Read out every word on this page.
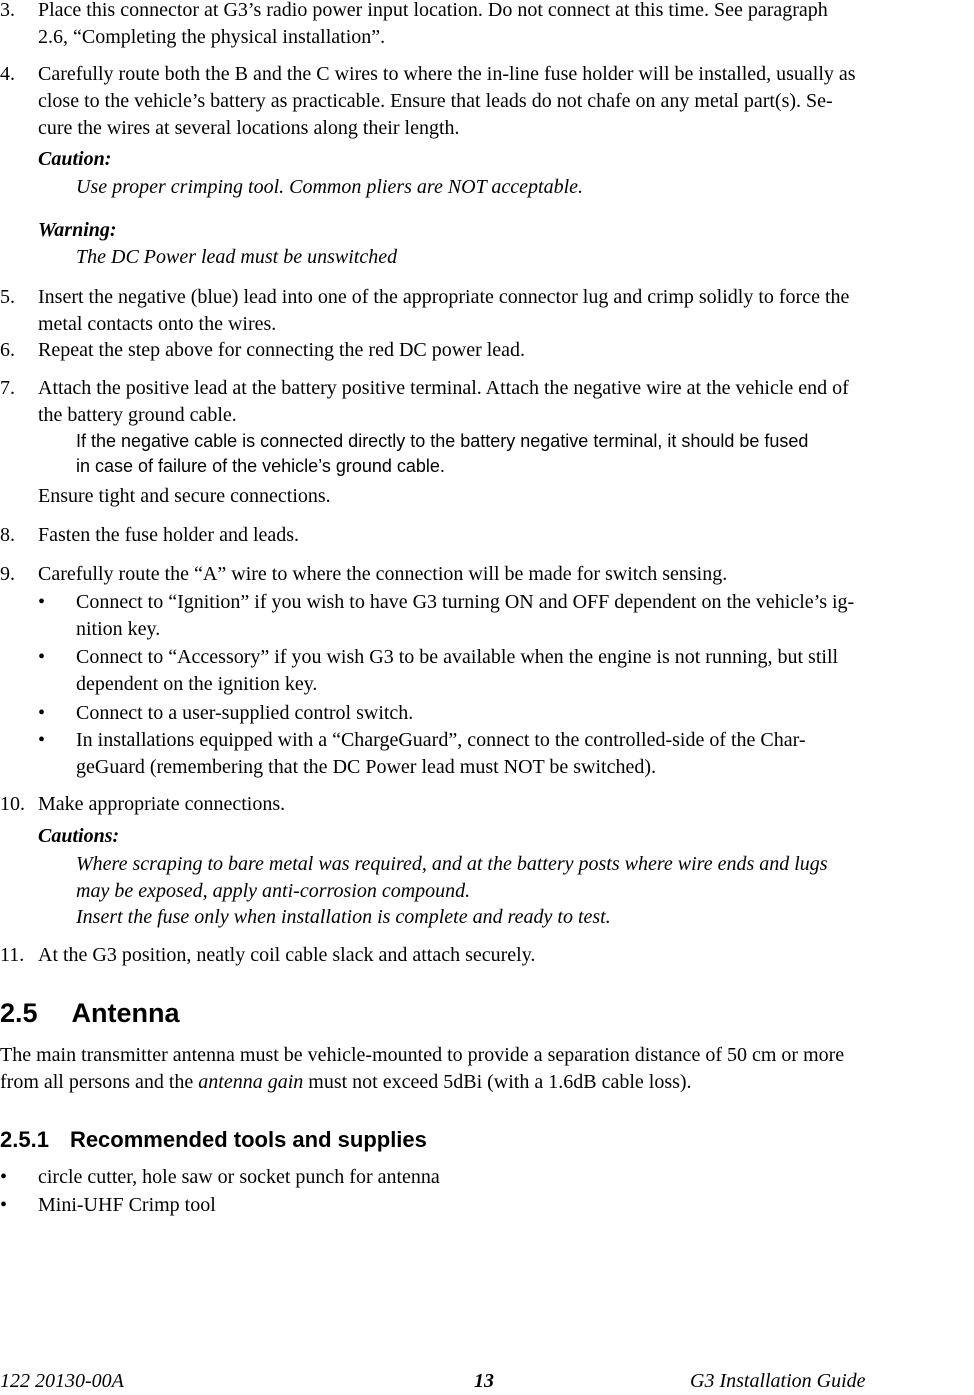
3.	Place this connector at G3’s radio power input location. Do not connect at this time. See paragraph
2.6, “Completing the physical installation”.
4.	Carefully route both the B and the C wires to where the in-line fuse holder will be installed, usually as
close to the vehicle’s battery as practicable. Ensure that leads do not chafe on any metal part(s). Se-
cure the wires at several locations along their length.
Caution:
Use proper crimping tool. Common pliers are NOT acceptable.
Warning:
The DC Power lead must be unswitched
5.	Insert the negative (blue) lead into one of the appropriate connector lug and crimp solidly to force the
metal contacts onto the wires.
6.	Repeat the step above for connecting the red DC power lead.
7.	Attach the positive lead at the battery positive terminal. Attach the negative wire at the vehicle end of
the battery ground cable.
If the negative cable is connected directly to the battery negative terminal, it should be fused
in case of failure of the vehicle’s ground cable.
Ensure tight and secure connections.
8.	Fasten the fuse holder and leads.
9.	Carefully route the “A” wire to where the connection will be made for switch sensing.
• Connect to “Ignition” if you wish to have G3 turning ON and OFF dependent on the vehicle’s ig-
nition key.
• Connect to “Accessory” if you wish G3 to be available when the engine is not running, but still
dependent on the ignition key.
• Connect to a user-supplied control switch.
• In installations equipped with a “ChargeGuard”, connect to the controlled-side of the Char-
geGuard (remembering that the DC Power lead must NOT be switched).
10. Make appropriate connections.
Cautions:
Where scraping to bare metal was required, and at the battery posts where wire ends and lugs
may be exposed, apply anti-corrosion compound.
Insert the fuse only when installation is complete and ready to test.
11. At the G3 position, neatly coil cable slack and attach securely.
2.5 Antenna
The main transmitter antenna must be vehicle-mounted to provide a separation distance of 50 cm or more
from all persons and the antenna gain must not exceed 5dBi (with a 1.6dB cable loss).
2.5.1 Recommended tools and supplies
• circle cutter, hole saw or socket punch for antenna
• Mini-UHF Crimp tool
122 20130-00A	13	G3 Installation Guide
